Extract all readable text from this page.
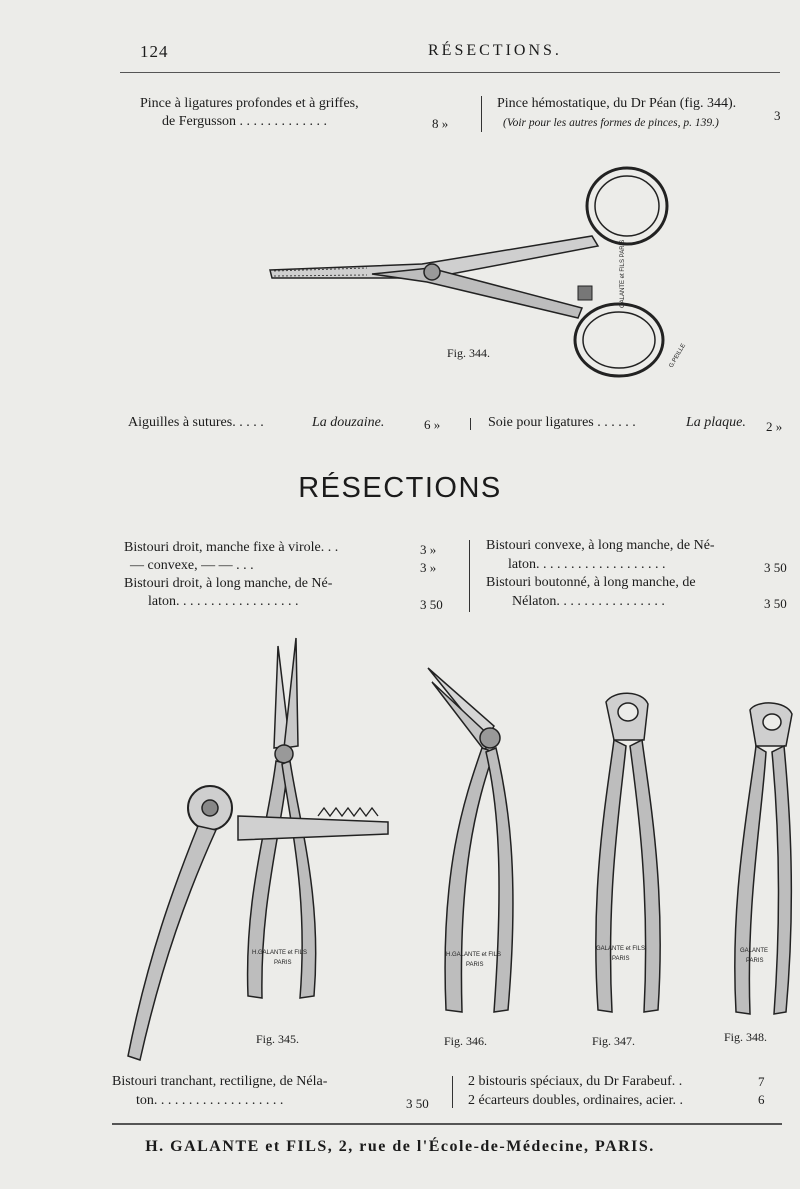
124	RÉSECTIONS.
Pince à ligatures profondes et à griffes,
de Fergusson . . . . . . . . . . . . .	8 »
Pince hémostatique, du Dr Péan (fig. 344).
(Voir pour les autres formes de pinces, p. 139.)	3
GALANTE et FILS PARIS
G.PEILLE
Fig. 344.
Aiguilles à sutures. . . . .	La douzaine.	6 »	Soie pour ligatures . . . . . .	La plaque. 2 »
RÉSECTIONS
Bistouri droit, manche fixe à virole. . .	3 »
— convexe, — — . . .	3 »
Bistouri droit, à long manche, de Né-
laton. . . . . . . . . . . . . . . . . .	3 50
Bistouri convexe, à long manche, de Né-
laton. . . . . . . . . . . . . . . . . . .	3 50
Bistouri boutonné, à long manche, de
Nélaton. . . . . . . . . . . . . . . .	3 50
H.GALANTE et FILS
PARIS
Fig. 345.
H.GALANTE et FILS
PARIS
Fig. 346.
GALANTE et FILS
PARIS
Fig. 347.
GALANTE
PARIS
Fig. 348.
Bistouri tranchant, rectiligne, de Néla-
ton. . . . . . . . . . . . . . . . . . .	3 50
2 bistouris spéciaux, du Dr Farabeuf. .	7
2 écarteurs doubles, ordinaires, acier. .	6
H. GALANTE et FILS, 2, rue de l'École-de-Médecine, PARIS.
